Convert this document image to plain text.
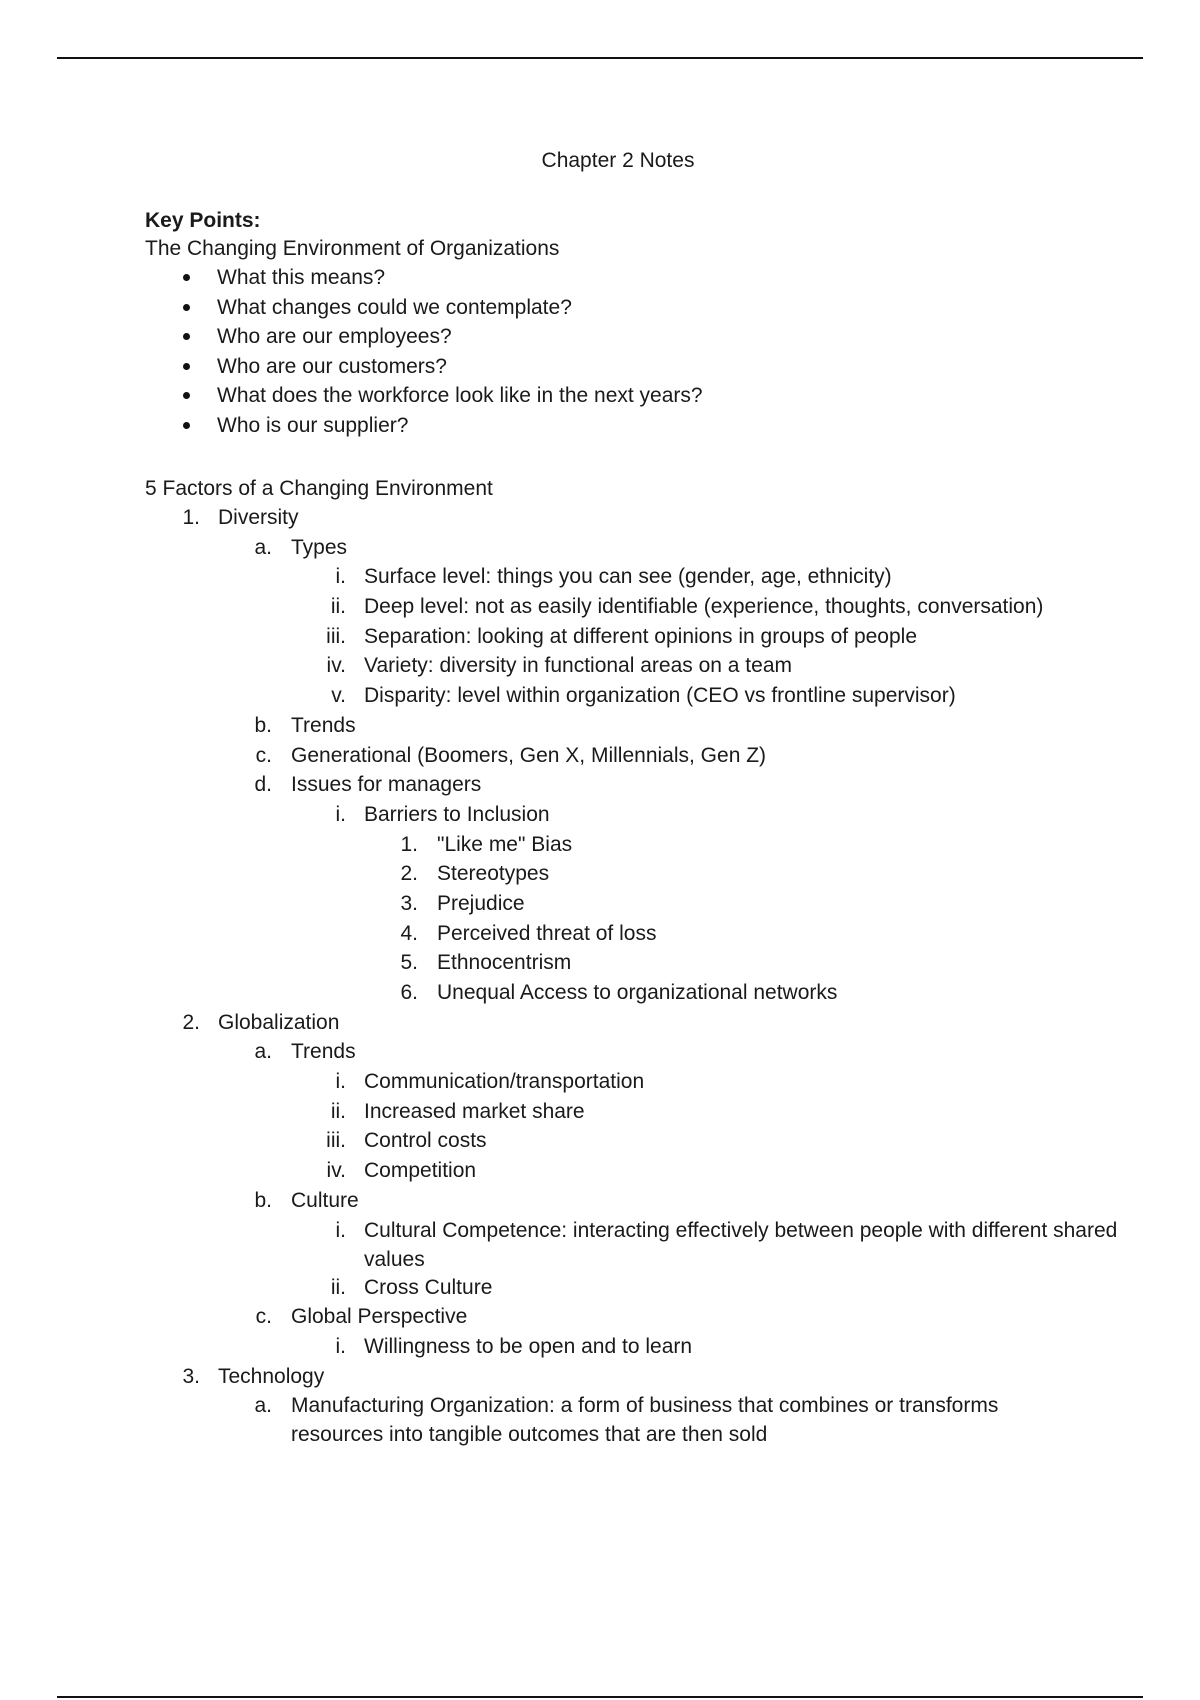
Chapter 2 Notes
Key Points:
The Changing Environment of Organizations
What this means?
What changes could we contemplate?
Who are our employees?
Who are our customers?
What does the workforce look like in the next years?
Who is our supplier?
5 Factors of a Changing Environment
1. Diversity
a. Types
i. Surface level: things you can see (gender, age, ethnicity)
ii. Deep level: not as easily identifiable (experience, thoughts, conversation)
iii. Separation: looking at different opinions in groups of people
iv. Variety: diversity in functional areas on a team
v. Disparity: level within organization (CEO vs frontline supervisor)
b. Trends
c. Generational (Boomers, Gen X, Millennials, Gen Z)
d. Issues for managers
i. Barriers to Inclusion
1. "Like me" Bias
2. Stereotypes
3. Prejudice
4. Perceived threat of loss
5. Ethnocentrism
6. Unequal Access to organizational networks
2. Globalization
a. Trends
i. Communication/transportation
ii. Increased market share
iii. Control costs
iv. Competition
b. Culture
i. Cultural Competence: interacting effectively between people with different shared values
ii. Cross Culture
c. Global Perspective
i. Willingness to be open and to learn
3. Technology
a. Manufacturing Organization: a form of business that combines or transforms resources into tangible outcomes that are then sold
